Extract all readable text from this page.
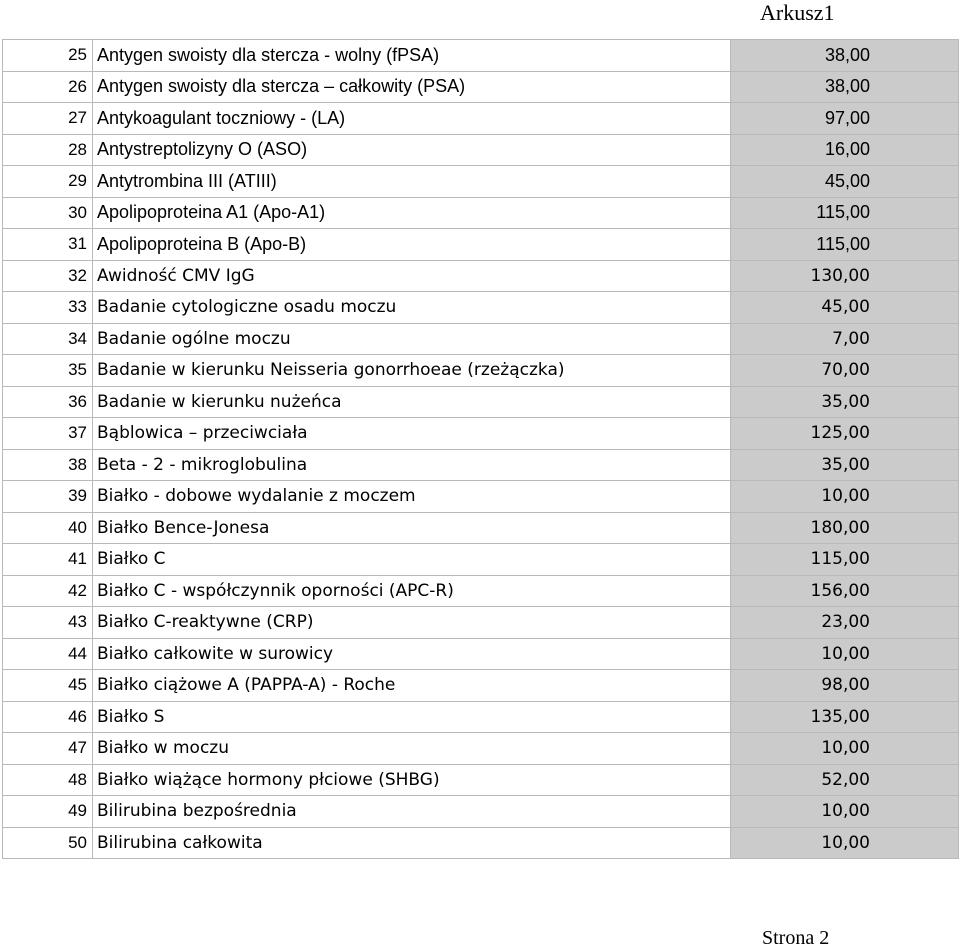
Arkusz1
25	Antygen swoisty dla stercza - wolny (fPSA)	38,00
26	Antygen swoisty dla stercza – całkowity (PSA)	38,00
27	Antykoagulant toczniowy - (LA)	97,00
28	Antystreptolizyny O (ASO)	16,00
29	Antytrombina III (ATIII)	45,00
30	Apolipoproteina A1 (Apo-A1)	115,00
31	Apolipoproteina B (Apo-B)	115,00
32	Awidność CMV IgG	130,00
33	Badanie cytologiczne osadu moczu	45,00
34	Badanie ogólne moczu	7,00
35	Badanie w kierunku Neisseria gonorrhoeae (rzeżączka)	70,00
36	Badanie w kierunku nużeńca	35,00
37	Bąblowica – przeciwciała	125,00
38	Beta - 2 - mikroglobulina	35,00
39	Białko - dobowe wydalanie z moczem	10,00
40	Białko Bence-Jonesa	180,00
41	Białko C	115,00
42	Białko C - współczynnik oporności (APC-R)	156,00
43	Białko C-reaktywne (CRP)	23,00
44	Białko całkowite w surowicy	10,00
45	Białko ciążowe A (PAPPA-A) - Roche	98,00
46	Białko S	135,00
47	Białko w moczu	10,00
48	Białko wiążące hormony płciowe (SHBG)	52,00
49	Bilirubina bezpośrednia	10,00
50	Bilirubina całkowita	10,00
Strona 2
